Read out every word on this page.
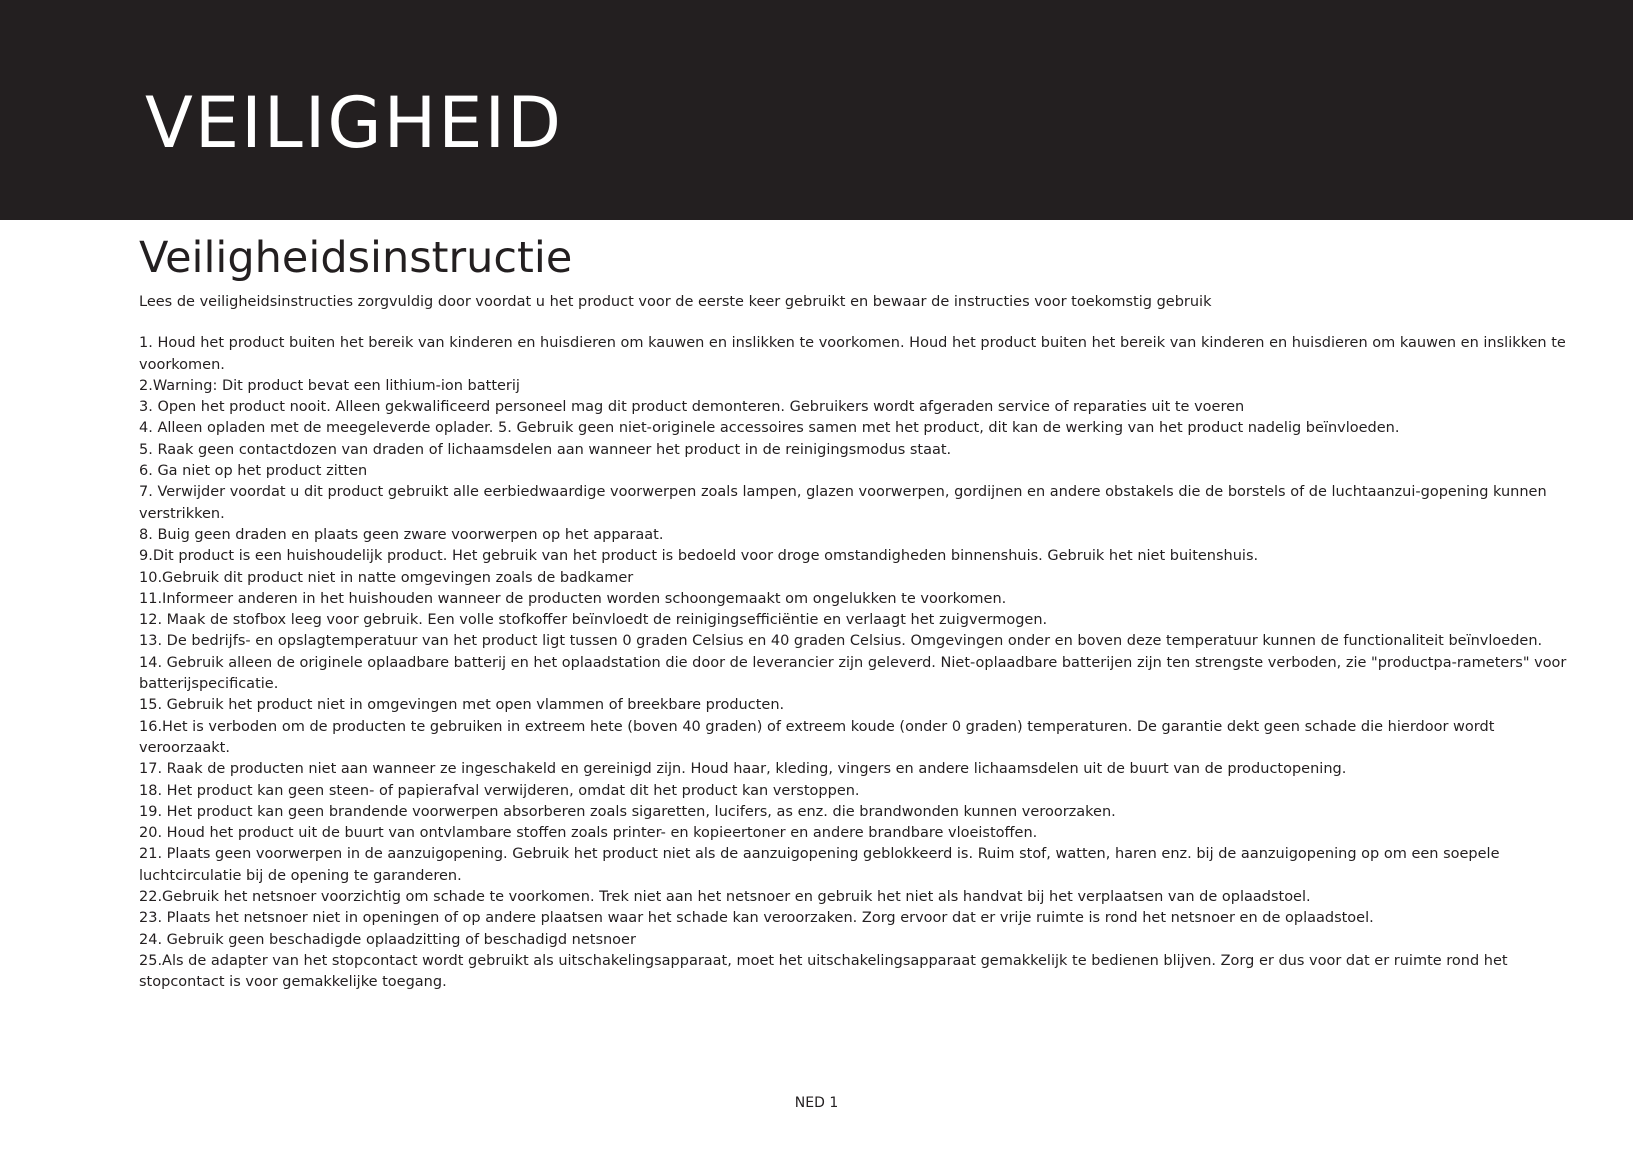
VEILIGHEID
Veiligheidsinstructie

Lees de veiligheidsinstructies zorgvuldig door voordat u het product voor de eerste keer gebruikt en bewaar de instructies voor toekomstig gebruik

1. Houd het product buiten het bereik van kinderen en huisdieren om kauwen en inslikken te voorkomen. Houd het product buiten het bereik van kinderen en huisdieren om kauwen en inslikken te voorkomen.
2.Warning: Dit product bevat een lithium-ion batterij
3. Open het product nooit. Alleen gekwalificeerd personeel mag dit product demonteren. Gebruikers wordt afgeraden service of reparaties uit te voeren
4. Alleen opladen met de meegeleverde oplader. 5. Gebruik geen niet-originele accessoires samen met het product, dit kan de werking van het product nadelig beïnvloeden.
5. Raak geen contactdozen van draden of lichaamsdelen aan wanneer het product in de reinigingsmodus staat.
6. Ga niet op het product zitten
7. Verwijder voordat u dit product gebruikt alle eerbiedwaardige voorwerpen zoals lampen, glazen voorwerpen, gordijnen en andere obstakels die de borstels of de luchtaanzui-gopening kunnen verstrikken.
8. Buig geen draden en plaats geen zware voorwerpen op het apparaat.
9.Dit product is een huishoudelijk product. Het gebruik van het product is bedoeld voor droge omstandigheden binnenshuis. Gebruik het niet buitenshuis.
10.Gebruik dit product niet in natte omgevingen zoals de badkamer
11.Informeer anderen in het huishouden wanneer de producten worden schoongemaakt om ongelukken te voorkomen.
12. Maak de stofbox leeg voor gebruik. Een volle stofkoffer beïnvloedt de reinigingsefficiëntie en verlaagt het zuigvermogen.
13. De bedrijfs- en opslagtemperatuur van het product ligt tussen 0 graden Celsius en 40 graden Celsius. Omgevingen onder en boven deze temperatuur kunnen de functionaliteit beïnvloeden.
14. Gebruik alleen de originele oplaadbare batterij en het oplaadstation die door de leverancier zijn geleverd. Niet-oplaadbare batterijen zijn ten strengste verboden, zie "productpa-rameters" voor batterijspecificatie.
15. Gebruik het product niet in omgevingen met open vlammen of breekbare producten.
16.Het is verboden om de producten te gebruiken in extreem hete (boven 40 graden) of extreem koude (onder 0 graden) temperaturen. De garantie dekt geen schade die hierdoor wordt veroorzaakt.
17. Raak de producten niet aan wanneer ze ingeschakeld en gereinigd zijn. Houd haar, kleding, vingers en andere lichaamsdelen uit de buurt van de productopening.
18. Het product kan geen steen- of papierafval verwijderen, omdat dit het product kan verstoppen.
19. Het product kan geen brandende voorwerpen absorberen zoals sigaretten, lucifers, as enz. die brandwonden kunnen veroorzaken.
20. Houd het product uit de buurt van ontvlambare stoffen zoals printer- en kopieertoner en andere brandbare vloeistoffen.
21. Plaats geen voorwerpen in de aanzuigopening. Gebruik het product niet als de aanzuigopening geblokkeerd is. Ruim stof, watten, haren enz. bij de aanzuigopening op om een soepele luchtcirculatie bij de opening te garanderen.
22.Gebruik het netsnoer voorzichtig om schade te voorkomen. Trek niet aan het netsnoer en gebruik het niet als handvat bij het verplaatsen van de oplaadstoel.
23. Plaats het netsnoer niet in openingen of op andere plaatsen waar het schade kan veroorzaken. Zorg ervoor dat er vrije ruimte is rond het netsnoer en de oplaadstoel.
24. Gebruik geen beschadigde oplaadzitting of beschadigd netsnoer
25.Als de adapter van het stopcontact wordt gebruikt als uitschakelingsapparaat, moet het uitschakelingsapparaat gemakkelijk te bedienen blijven. Zorg er dus voor dat er ruimte rond het stopcontact is voor gemakkelijke toegang.
NED 1
